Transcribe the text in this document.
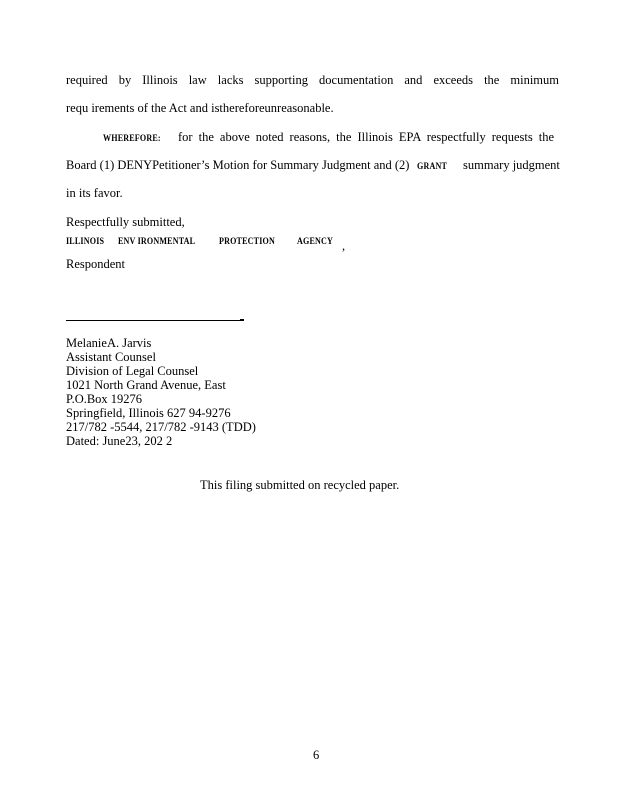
required by Illinois law lacks supporting documentation and exceeds the minimum
requ irements of the Act and isthereforeunreasonable.
WHEREFORE:	for the above noted reasons, the Illinois EPA respectfully requests the
Board (1) DENYPetitioner’s Motion for Summary Judgment and (2) GRANT summary judgment
in its favor.
Respectfully submitted,
ILLINOIS ENV IRONMENTAL	PROTECTION AGENCY ,
Respondent
MelanieA. Jarvis
Assistant Counsel
Division of Legal Counsel
1021 North Grand Avenue, East
P.O.Box 19276
Springfield, Illinois 627 94-9276
217/782 -5544, 217/782 -9143 (TDD)
Dated: June23, 202 2
This filing submitted on recycled paper.
6
